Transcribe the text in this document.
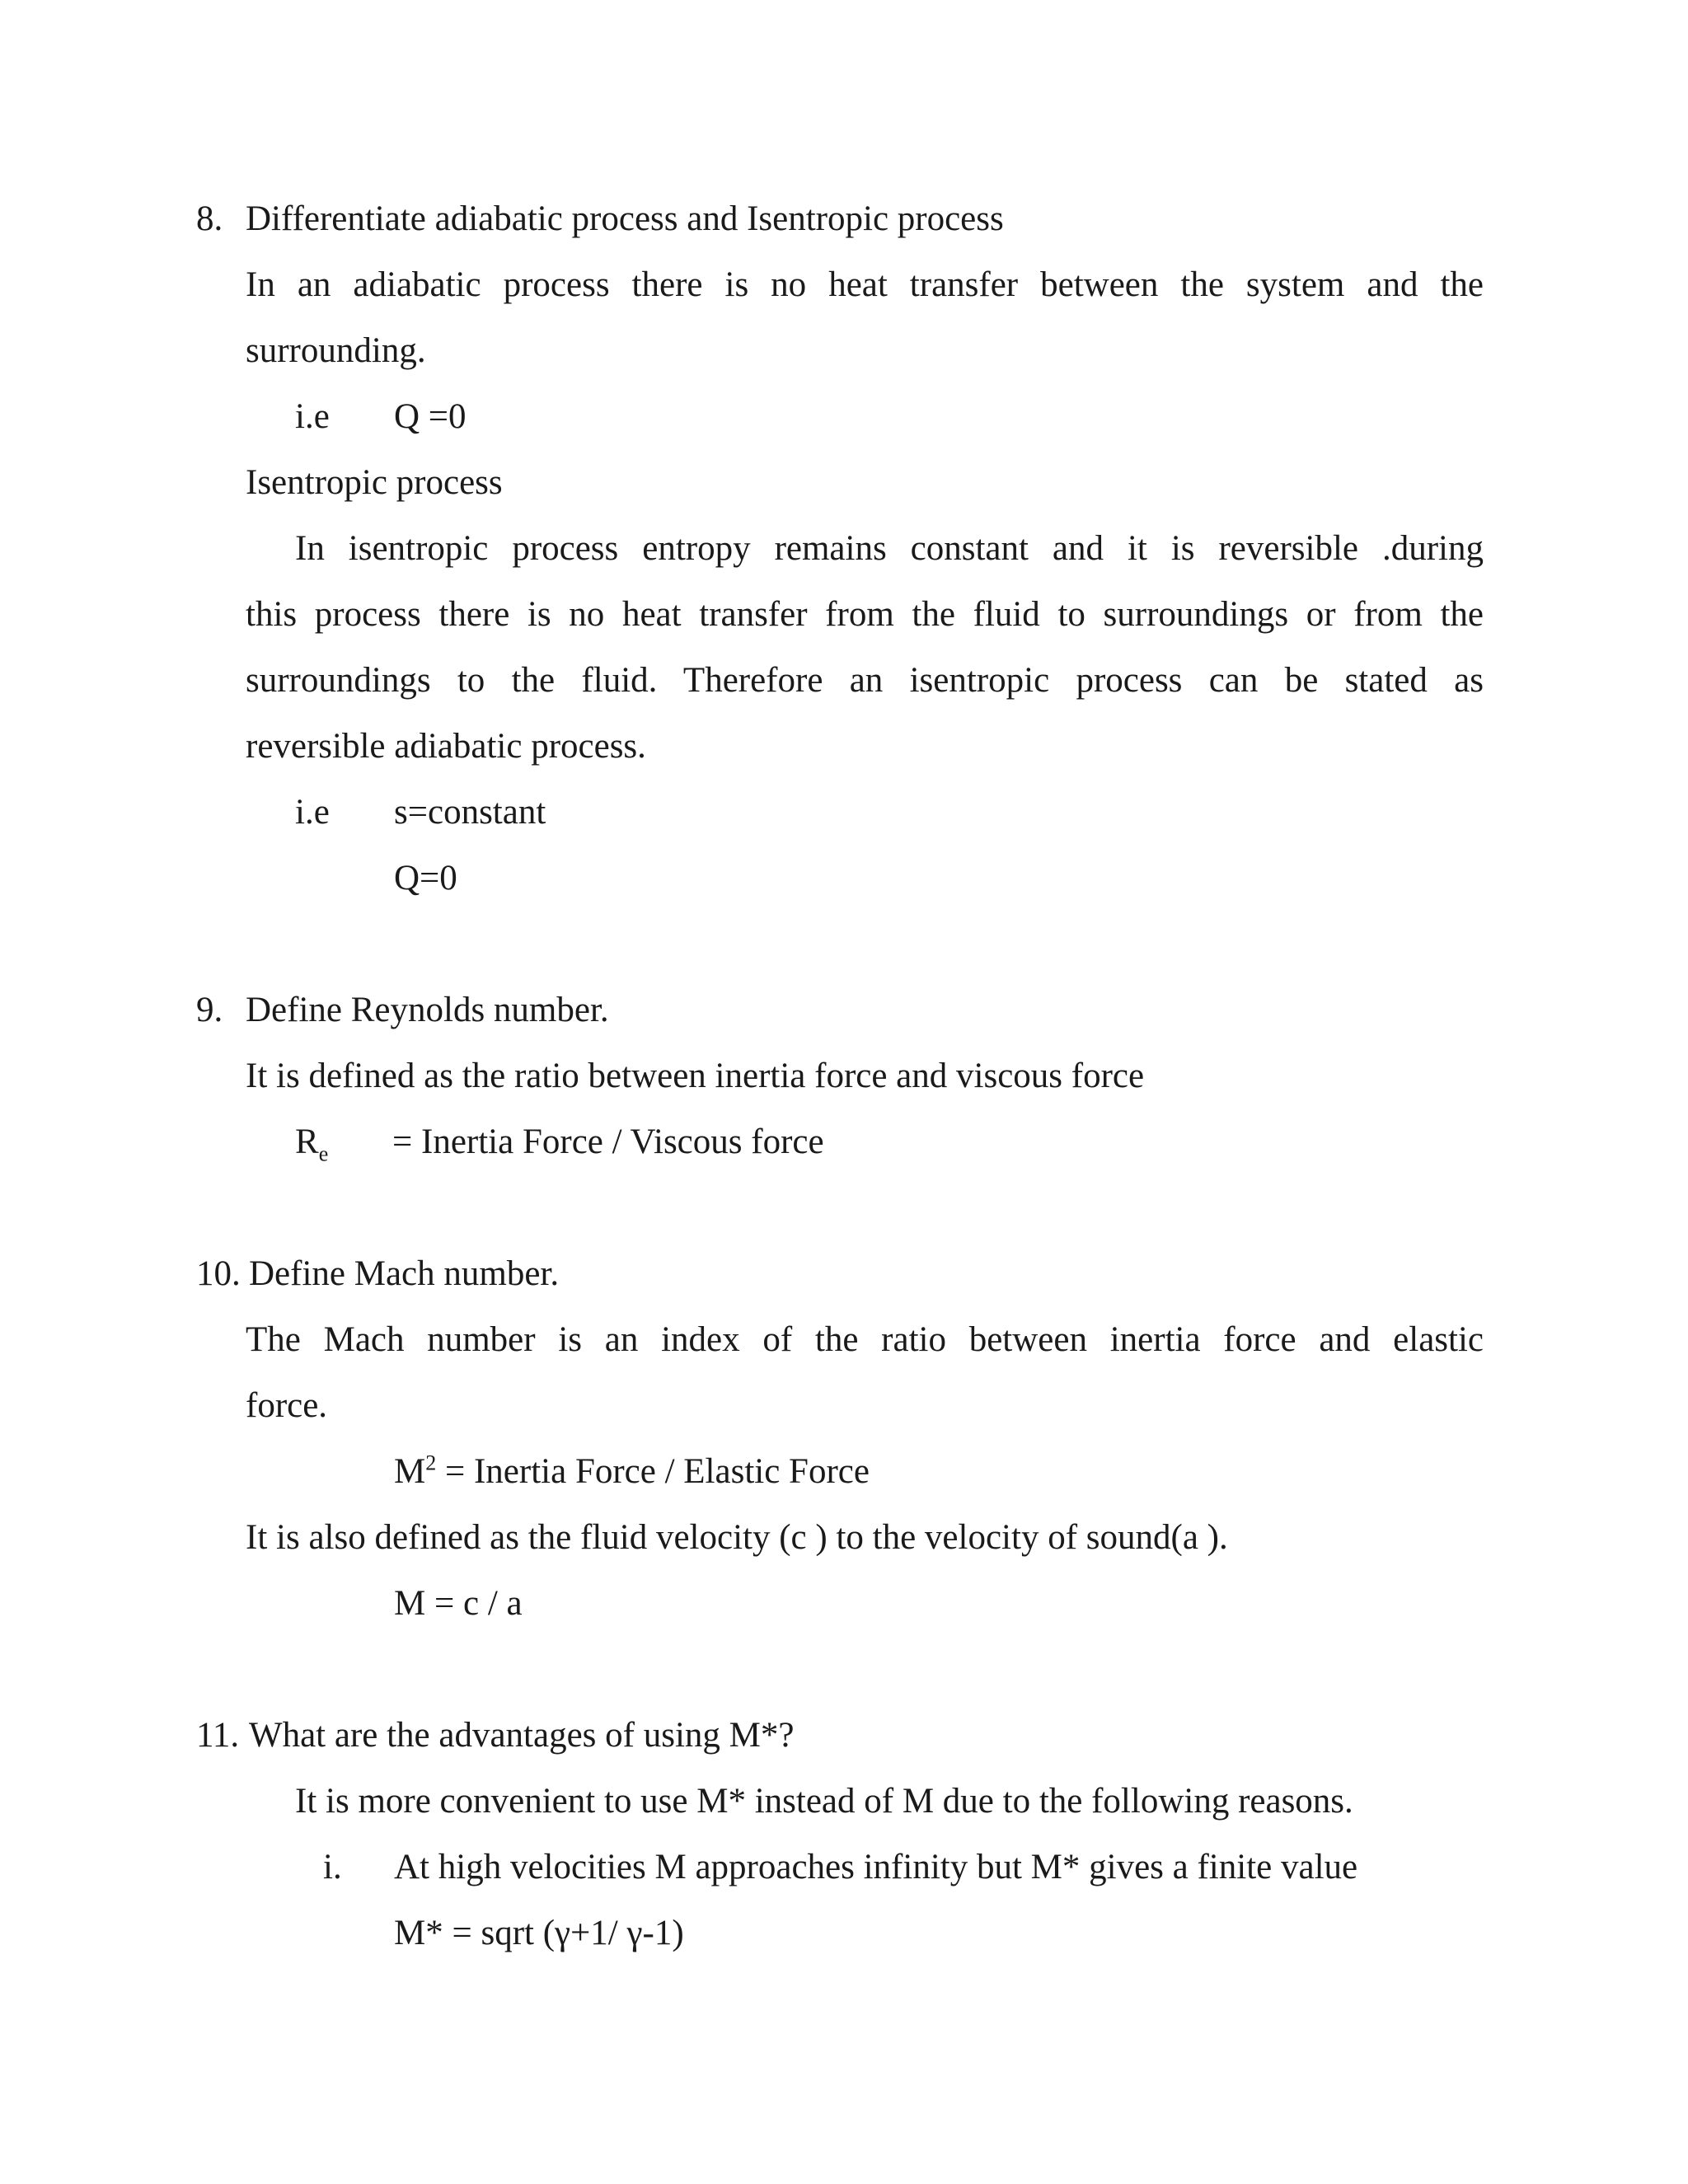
8. Differentiate adiabatic process and Isentropic process
In an adiabatic process there is no heat transfer between the system and the
surrounding.
i.e Q =0
Isentropic process
In isentropic process entropy remains constant and it is reversible .during
this process there is no heat transfer from the fluid to surroundings or from the
surroundings to the fluid. Therefore an isentropic process can be stated as
reversible adiabatic process.
i.e s=constant
Q=0
9. Define Reynolds number.
It is defined as the ratio between inertia force and viscous force
$R_e$ = Inertia Force / Viscous force
10. Define Mach number.
The Mach number is an index of the ratio between inertia force and elastic
force.
$M^2$ = Inertia Force / Elastic Force
It is also defined as the fluid velocity (c ) to the velocity of sound(a ).
M = c / a
11. What are the advantages of using M*?
It is more convenient to use M* instead of M due to the following reasons.
i. At high velocities M approaches infinity but M* gives a finite value
M* = sqrt (γ+1/ γ-1)
